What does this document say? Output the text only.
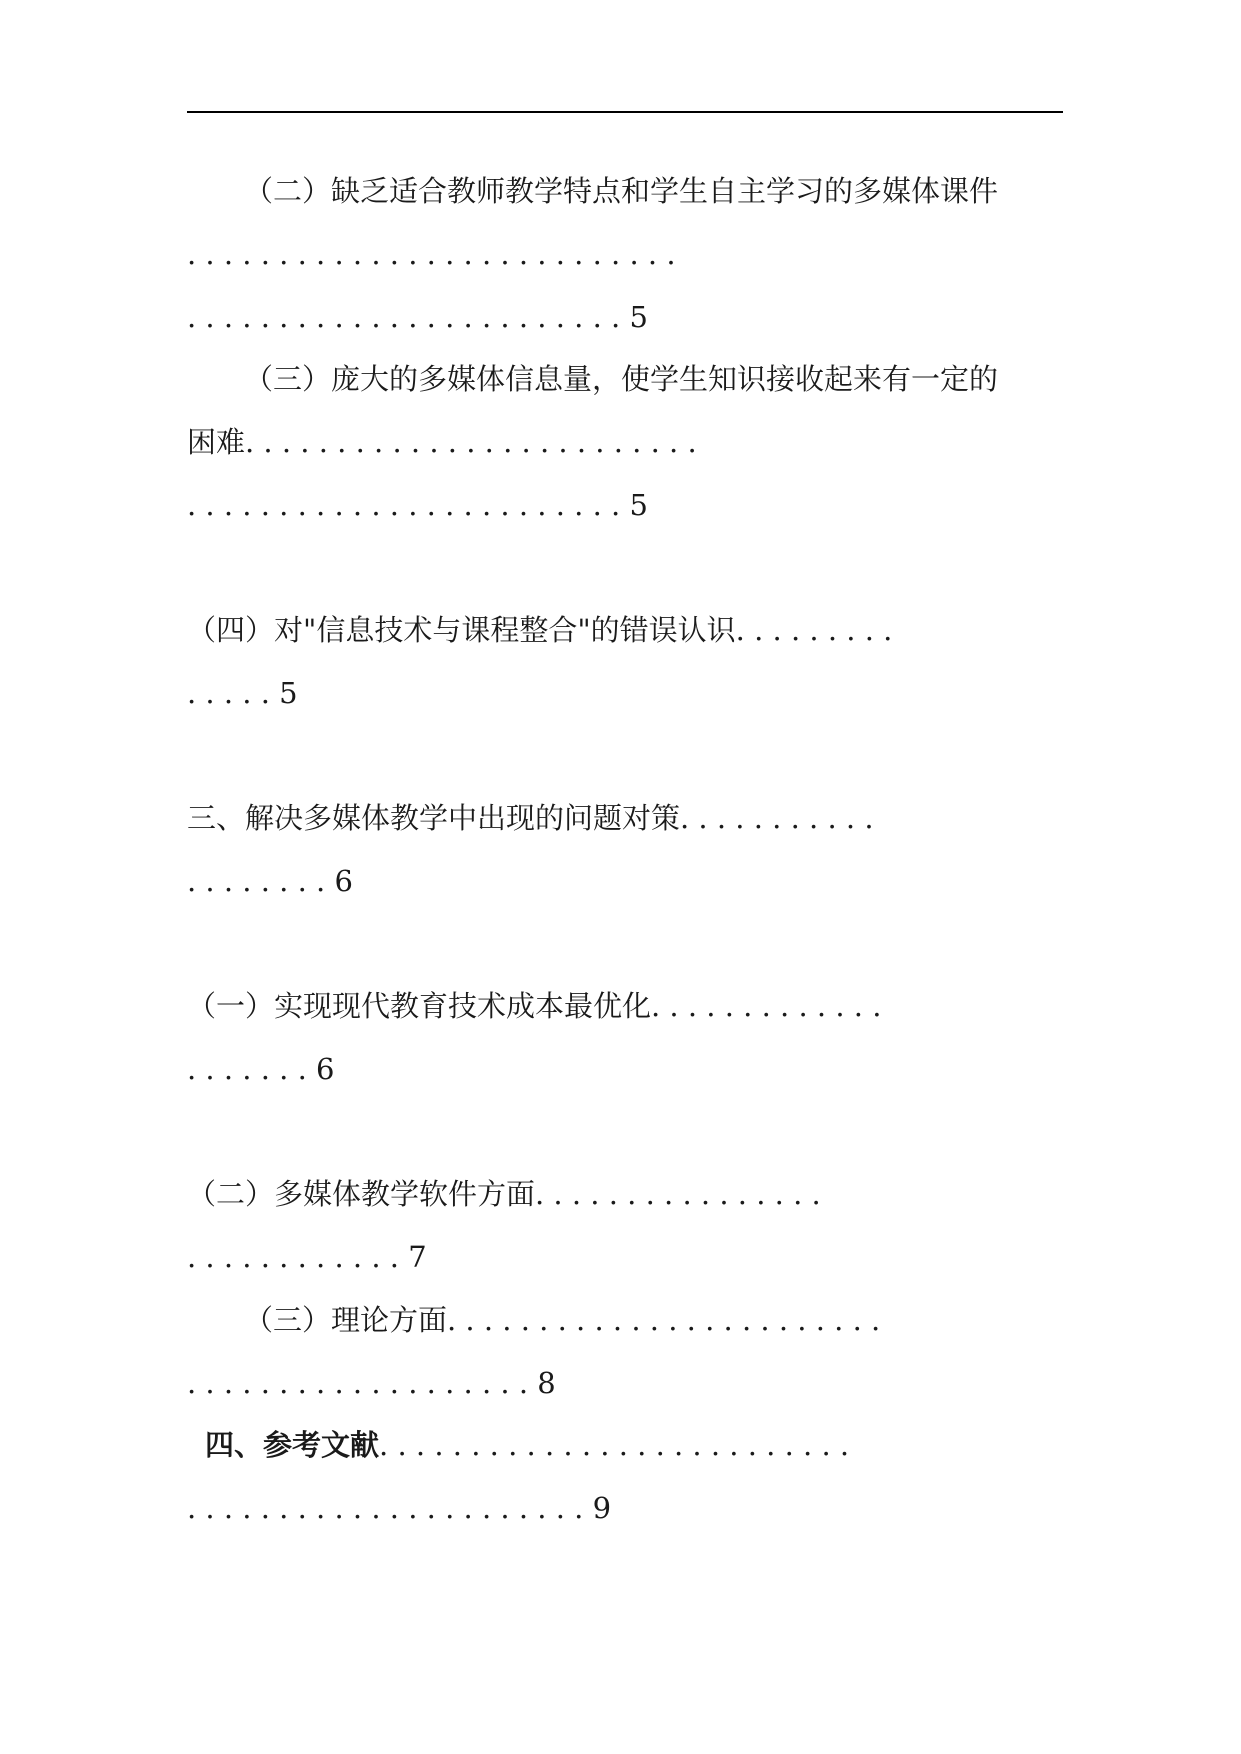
（二）缺乏适合教师教学特点和学生自主学习的多媒体课件
. . . . . . . . . . . . . . . . . . . . . . . . . . .
. . . . . . . . . . . . . . . . . . . . . . . . 5
（三）庞大的多媒体信息量，使学生知识接收起来有一定的
困难. . . . . . . . . . . . . . . . . . . . . . . . .
. . . . . . . . . . . . . . . . . . . . . . . . 5
（四）对"信息技术与课程整合"的错误认识. . . . . . . . .
. . . . . 5
三、解决多媒体教学中出现的问题对策. . . . . . . . . . .
. . . . . . . . 6
（一）实现现代教育技术成本最优化. . . . . . . . . . . . .
. . . . . . . 6
（二）多媒体教学软件方面. . . . . . . . . . . . . . . .
. . . . . . . . . . . . 7
（三）理论方面. . . . . . . . . . . . . . . . . . . . . . . .
. . . . . . . . . . . . . . . . . . . 8
四、参考文献. . . . . . . . . . . . . . . . . . . . . . . . . .
. . . . . . . . . . . . . . . . . . . . . . 9
